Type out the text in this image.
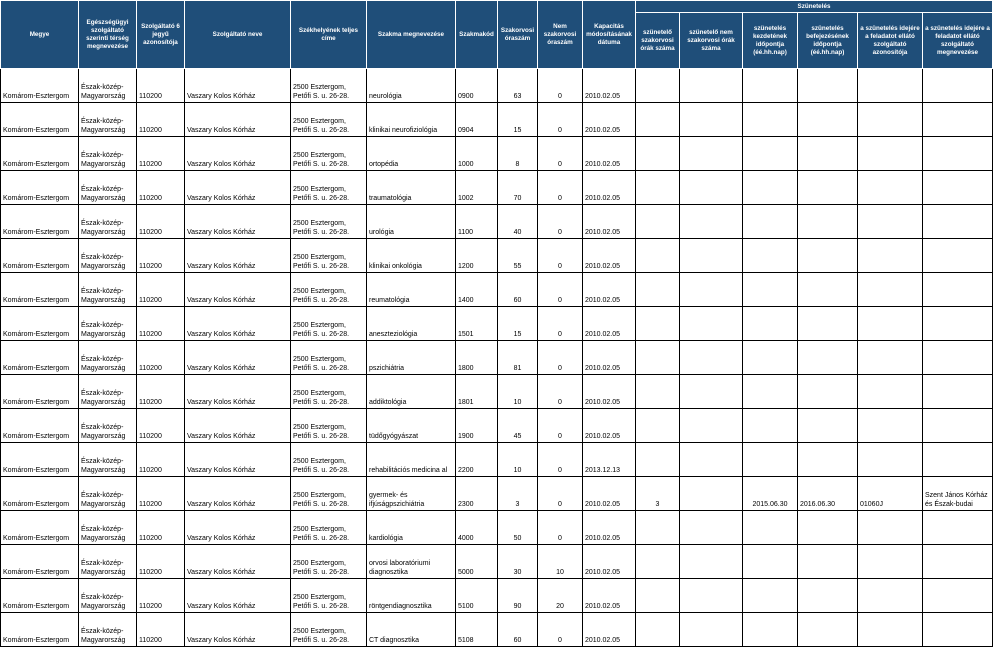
Megye	Egészségügyi szolgáltató szerinti térség megnevezése	Szolgáltató 6 jegyű azonosítója	Szolgáltató neve	Székhelyének teljes címe	Szakma megnevezése	Szakmakód	Szakorvosi óraszám	Nem szakorvosi óraszám	Kapacitás módosításának dátuma	Szünetelés					
										szünetelő szakorvosi órák száma	szünetelő nem szakorvosi órák száma	szünetelés kezdetének időpontja (éé.hh.nap)	szünetelés befejezésének időpontja (éé.hh.nap)	a szünetelés idejére a feladatot ellátó szolgáltató azonosítója	a szünetelés idejére a feladatot ellátó szolgáltató megnevezése
Komárom-Esztergom	Észak-közép-Magyarország	110200	Vaszary Kolos Kórház	2500 Esztergom, Petőfi S. u. 26-28.	neurológia	0900	63	0	2010.02.05						
Komárom-Esztergom	Észak-közép-Magyarország	110200	Vaszary Kolos Kórház	2500 Esztergom, Petőfi S. u. 26-28.	klinikai neurofiziológia	0904	15	0	2010.02.05						
Komárom-Esztergom	Észak-közép-Magyarország	110200	Vaszary Kolos Kórház	2500 Esztergom, Petőfi S. u. 26-28.	ortopédia	1000	8	0	2010.02.05						
Komárom-Esztergom	Észak-közép-Magyarország	110200	Vaszary Kolos Kórház	2500 Esztergom, Petőfi S. u. 26-28.	traumatológia	1002	70	0	2010.02.05						
Komárom-Esztergom	Észak-közép-Magyarország	110200	Vaszary Kolos Kórház	2500 Esztergom, Petőfi S. u. 26-28.	urológia	1100	40	0	2010.02.05						
Komárom-Esztergom	Észak-közép-Magyarország	110200	Vaszary Kolos Kórház	2500 Esztergom, Petőfi S. u. 26-28.	klinikai onkológia	1200	55	0	2010.02.05						
Komárom-Esztergom	Észak-közép-Magyarország	110200	Vaszary Kolos Kórház	2500 Esztergom, Petőfi S. u. 26-28.	reumatológia	1400	60	0	2010.02.05						
Komárom-Esztergom	Észak-közép-Magyarország	110200	Vaszary Kolos Kórház	2500 Esztergom, Petőfi S. u. 26-28.	aneszteziológia	1501	15	0	2010.02.05						
Komárom-Esztergom	Észak-közép-Magyarország	110200	Vaszary Kolos Kórház	2500 Esztergom, Petőfi S. u. 26-28.	pszichiátria	1800	81	0	2010.02.05						
Komárom-Esztergom	Észak-közép-Magyarország	110200	Vaszary Kolos Kórház	2500 Esztergom, Petőfi S. u. 26-28.	addiktológia	1801	10	0	2010.02.05						
Komárom-Esztergom	Észak-közép-Magyarország	110200	Vaszary Kolos Kórház	2500 Esztergom, Petőfi S. u. 26-28.	tüdőgyógyászat	1900	45	0	2010.02.05						
Komárom-Esztergom	Észak-közép-Magyarország	110200	Vaszary Kolos Kórház	2500 Esztergom, Petőfi S. u. 26-28.	rehabilitációs medicina al	2200	10	0	2013.12.13						
Komárom-Esztergom	Észak-közép-Magyarország	110200	Vaszary Kolos Kórház	2500 Esztergom, Petőfi S. u. 26-28.	gyermek- és ifjúságpszichiátria	2300	3	0	2010.02.05	3		2015.06.30	2016.06.30	01060J	Szent János Kórház és Észak-budai
Komárom-Esztergom	Észak-közép-Magyarország	110200	Vaszary Kolos Kórház	2500 Esztergom, Petőfi S. u. 26-28.	kardiológia	4000	50	0	2010.02.05						
Komárom-Esztergom	Észak-közép-Magyarország	110200	Vaszary Kolos Kórház	2500 Esztergom, Petőfi S. u. 26-28.	orvosi laboratóriumi diagnosztika	5000	30	10	2010.02.05						
Komárom-Esztergom	Észak-közép-Magyarország	110200	Vaszary Kolos Kórház	2500 Esztergom, Petőfi S. u. 26-28.	röntgendiagnosztika	5100	90	20	2010.02.05						
Komárom-Esztergom	Észak-közép-Magyarország	110200	Vaszary Kolos Kórház	2500 Esztergom, Petőfi S. u. 26-28.	CT diagnosztika	5108	60	0	2010.02.05						
